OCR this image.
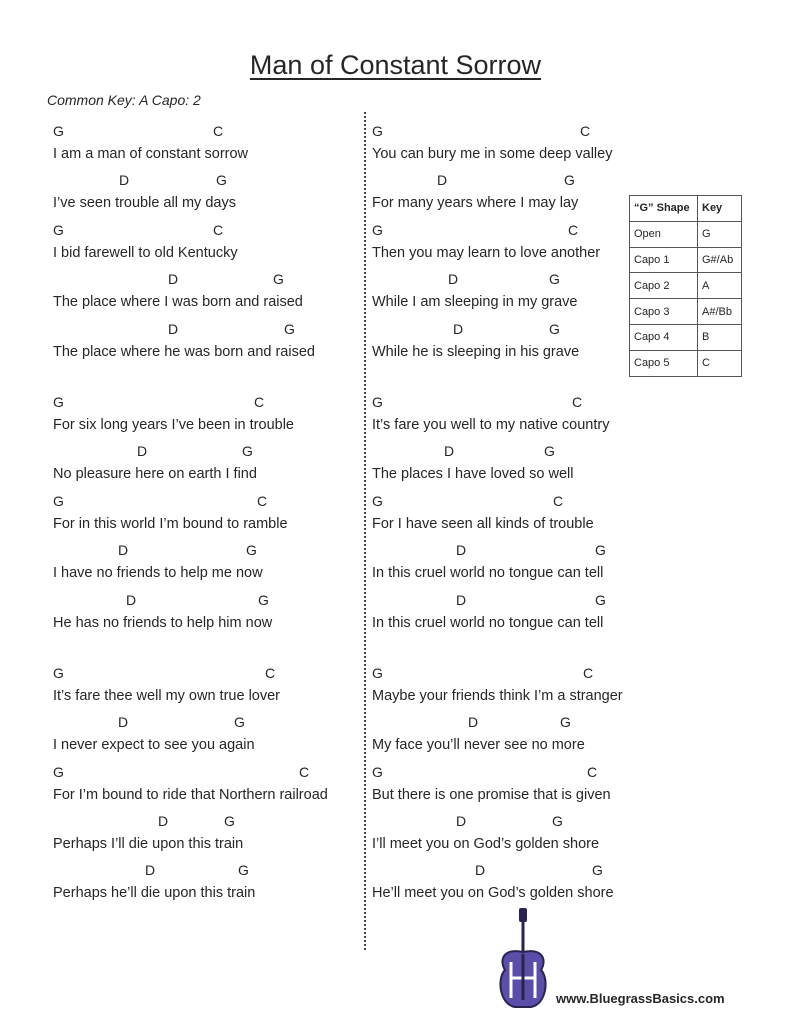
Man of Constant Sorrow
Common Key: A Capo: 2
G	C
I am a man of constant sorrow
D	G
I’ve seen trouble all my days
G	C
I bid farewell to old Kentucky
D	G
The place where I was born and raised
D	G
The place where he was born and raised
G	C
For six long years I’ve been in trouble
D	G
No pleasure here on earth I find
G	C
For in this world I’m bound to ramble
D	G
I have no friends to help me now
D	G
He has no friends to help him now
G	C
It’s fare thee well my own true lover
D	G
I never expect to see you again
G	C
For I’m bound to ride that Northern railroad
D	G
Perhaps I’ll die upon this train
D	G
Perhaps he’ll die upon this train
G	C
You can bury me in some deep valley
D	G
For many years where I may lay
G	C
Then you may learn to love another
D	G
While I am sleeping in my grave
D	G
While he is sleeping in his grave
G	C
It’s fare you well to my native country
D	G
The places I have loved so well
G	C
For I have seen all kinds of trouble
D	G
In this cruel world no tongue can tell
D	G
In this cruel world no tongue can tell
G	C
Maybe your friends think I’m a stranger
D	G
My face you’ll never see no more
G	C
But there is one promise that is given
D	G
I’ll meet you on God’s golden shore
D	G
He’ll meet you on God’s golden shore
“G” Shape	Key
Open	G
Capo 1	G#/Ab
Capo 2	A
Capo 3	A#/Bb
Capo 4	B
Capo 5	C
www.BluegrassBasics.com
